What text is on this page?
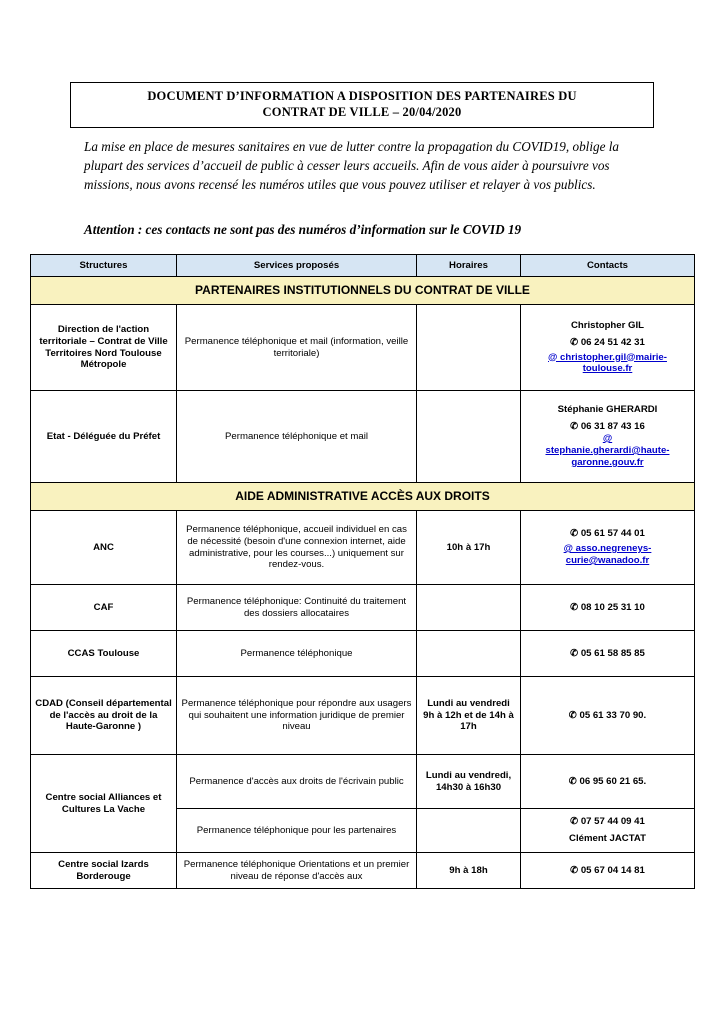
DOCUMENT D’INFORMATION A DISPOSITION DES PARTENAIRES DU
CONTRAT DE VILLE – 20/04/2020
La mise en place de mesures sanitaires en vue de lutter contre la propagation du COVID19, oblige la plupart des services d’accueil de public à cesser leurs accueils. Afin de vous aider à poursuivre vos missions, nous avons recensé les numéros utiles que vous pouvez utiliser et relayer à vos publics.
Attention : ces contacts ne sont pas des numéros d’information sur le COVID 19
Structures	Services proposés	Horaires	Contacts
PARTENAIRES INSTITUTIONNELS DU CONTRAT DE VILLE			
Direction de l'action territoriale – Contrat de Ville Territoires Nord Toulouse Métropole	Permanence téléphonique et mail (information, veille territoriale)		Christopher GIL
✆ 06 24 51 42 31
@ christopher.gil@mairie-toulouse.fr

Etat - Déléguée du Préfet	Permanence téléphonique et mail		Stéphanie GHERARDI
✆ 06 31 87 43 16
@
stephanie.gherardi@haute-garonne.gouv.fr

AIDE ADMINISTRATIVE ACCÈS AUX DROITS			
ANC	Permanence téléphonique, accueil individuel en cas de nécessité (besoin d'une connexion internet, aide administrative, pour les courses...) uniquement sur rendez-vous.	10h à 17h	✆ 05 61 57 44 01
@ asso.negreneys-curie@wanadoo.fr

CAF	Permanence téléphonique: Continuité du traitement des dossiers allocataires		✆ 08 10 25 31 10

CCAS Toulouse	Permanence téléphonique		✆ 05 61 58 85 85

CDAD (Conseil départemental de l'accès au droit de la Haute-Garonne )	Permanence téléphonique pour répondre aux usagers qui souhaitent une information juridique de premier niveau	Lundi au vendredi 9h à 12h et de 14h à 17h	✆ 05 61 33 70 90.

Centre social Alliances et Cultures La Vache	Permanence d'accès aux droits de l'écrivain public	Lundi au vendredi, 14h30 à 16h30	✆ 06 95 60 21 65.

	Permanence téléphonique pour les partenaires		✆ 07 57 44 09 41
Clément JACTAT

Centre social Izards Borderouge	Permanence téléphonique Orientations et un premier niveau de réponse d'accès aux	9h à 18h	✆ 05 67 04 14 81
